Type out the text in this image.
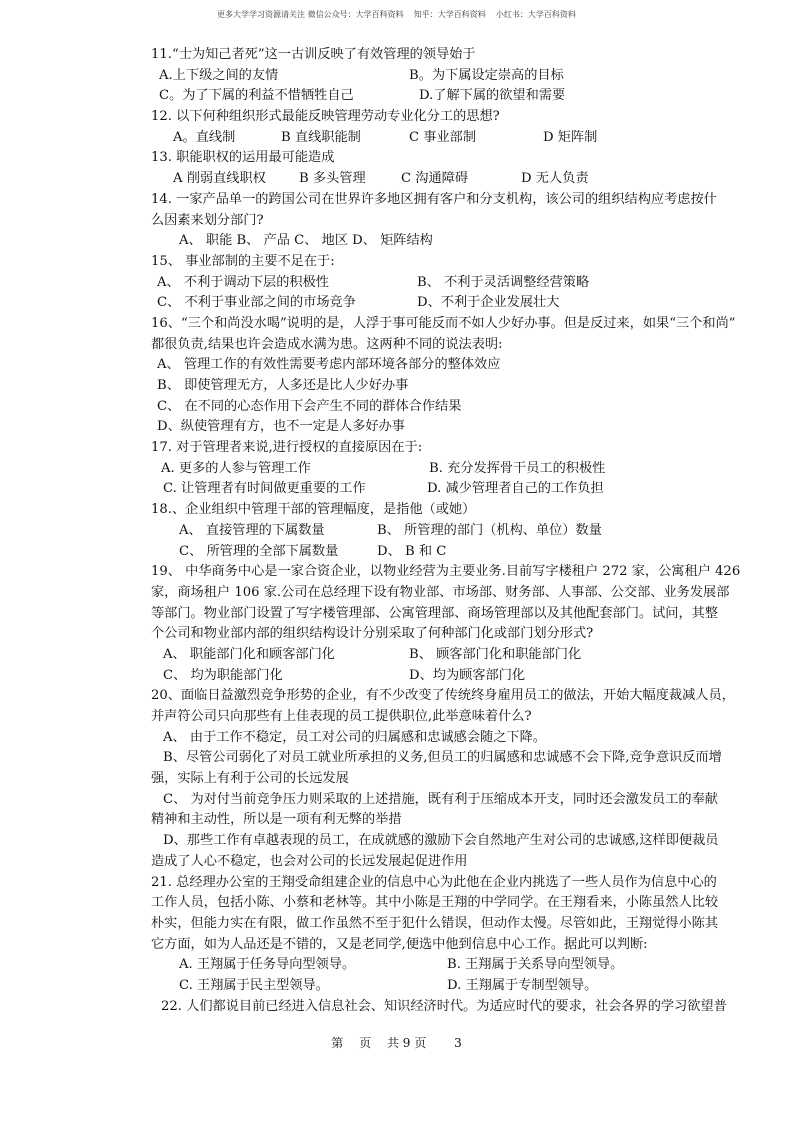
更多大学学习资源请关注 微信公众号：大学百科资料    知乎：大学百科资料    小红书：大学百科资料
11.“士为知己者死”这一古训反映了有效管理的领导始于
A.上下级之间的友情	B。为下属设定崇高的目标
C。为了下属的利益不惜牺牲自己	D.了解下属的欲望和需要
12. 以下何种组织形式最能反映管理劳动专业化分工的思想?
A。直线制	B 直线职能制	C 事业部制	D 矩阵制
13. 职能职权的运用最可能造成
A 削弱直线职权	B 多头管理	C 沟通障碍	D 无人负责
14. 一家产品单一的跨国公司在世界许多地区拥有客户和分支机构，该公司的组织结构应考虑按什
么因素来划分部门?
A、 职能 B、 产品 C、 地区 D、 矩阵结构
15、 事业部制的主要不足在于:
A、 不利于调动下层的积极性	B、 不利于灵活调整经营策略
C、 不利于事业部之间的市场竞争	D、不利于企业发展壮大
16、“三个和尚没水喝”说明的是，人浮于事可能反而不如人少好办事。但是反过来，如果“三个和尚”
都很负责,结果也许会造成水满为患。这两种不同的说法表明:
A、 管理工作的有效性需要考虑内部环境各部分的整体效应
B、 即使管理无方，人多还是比人少好办事
C、 在不同的心态作用下会产生不同的群体合作结果
D、纵使管理有方，也不一定是人多好办事
17. 对于管理者来说,进行授权的直接原因在于:
A. 更多的人参与管理工作	B. 充分发挥骨干员工的积极性
C. 让管理者有时间做更重要的工作	D. 减少管理者自己的工作负担
18.、企业组织中管理干部的管理幅度，是指他（或她）
A、 直接管理的下属数量	B、 所管理的部门（机构、单位）数量
C、 所管理的全部下属数量	D、 B 和 C
19、 中华商务中心是一家合资企业，以物业经营为主要业务.目前写字楼租户 272 家，公寓租户 426
家，商场租户 106 家.公司在总经理下设有物业部、市场部、财务部、人事部、公交部、业务发展部
等部门。物业部门设置了写字楼管理部、公寓管理部、商场管理部以及其他配套部门。试问，其整
个公司和物业部内部的组织结构设计分别采取了何种部门化或部门划分形式?
A、 职能部门化和顾客部门化	B、 顾客部门化和职能部门化
C、 均为职能部门化	D、均为顾客部门化
20、面临日益激烈竞争形势的企业，有不少改变了传统终身雇用员工的做法，开始大幅度裁减人员，
并声符公司只向那些有上佳表现的员工提供职位,此举意味着什么?
A、 由于工作不稳定，员工对公司的归属感和忠诚感会随之下降。
B、尽管公司弱化了对员工就业所承担的义务,但员工的归属感和忠诚感不会下降,竞争意识反而增
强，实际上有利于公司的长远发展
C、 为对付当前竞争压力则采取的上述措施，既有利于压缩成本开支，同时还会激发员工的奉献
精神和主动性，所以是一项有利无弊的举措
D、那些工作有卓越表现的员工，在成就感的激励下会自然地产生对公司的忠诚感,这样即便裁员
造成了人心不稳定，也会对公司的长远发展起促进作用
21. 总经理办公室的王翔受命组建企业的信息中心为此他在企业内挑选了一些人员作为信息中心的
工作人员，包括小陈、小蔡和老林等。其中小陈是王翔的中学同学。在王翔看来，小陈虽然人比较
朴实，但能力实在有限，做工作虽然不至于犯什么错误，但动作太慢。尽管如此，王翔觉得小陈其
它方面，如为人品还是不错的，又是老同学,便选中他到信息中心工作。据此可以判断:
A. 王翔属于任务导向型领导。	B. 王翔属于关系导向型领导。
C. 王翔属于民主型领导。	D. 王翔属于专制型领导。
22. 人们都说目前已经进入信息社会、知识经济时代。为适应时代的要求，社会各界的学习欲望普
第 页 共 9 页 3
